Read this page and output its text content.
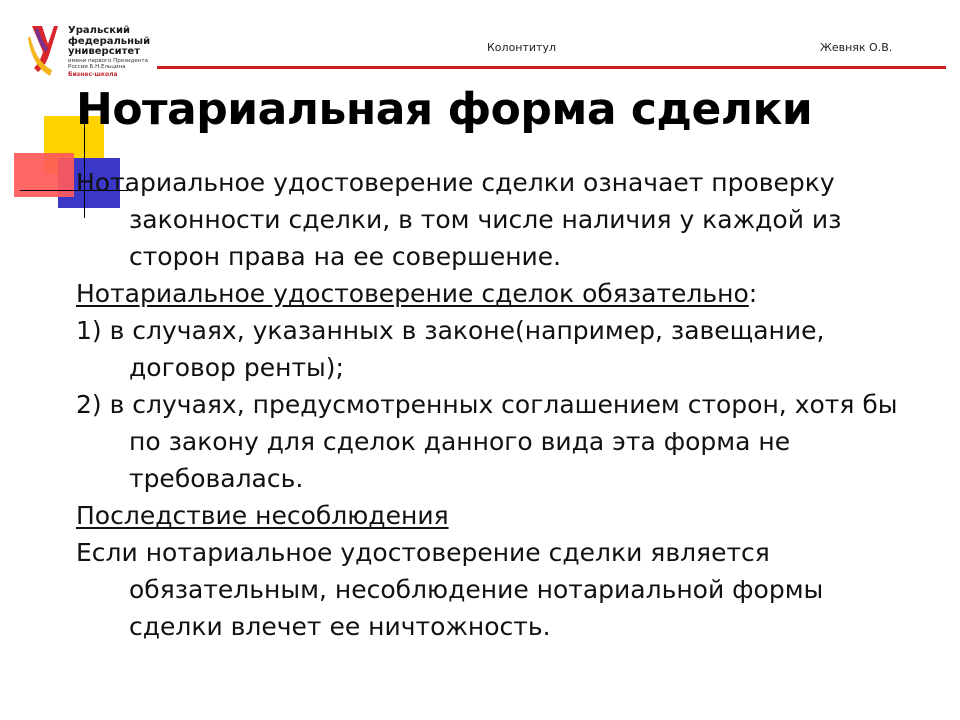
Уральский
федеральный
университет
имени первого Президента
России Б.Н.Ельцина
Бизнес-школа
Колонтитул	Жевняк О.В.
Нотариальная форма сделки

Нотариальное удостоверение сделки означает проверку законности сделки, в том числе наличия у каждой из сторон права на ее совершение.

Нотариальное удостоверение сделок обязательно:

1) в случаях, указанных в законе(например, завещание, договор ренты);

2) в случаях, предусмотренных соглашением сторон, хотя бы по закону для сделок данного вида эта форма не требовалась.

Последствие несоблюдения

Если нотариальное удостоверение сделки является обязательным, несоблюдение нотариальной формы сделки влечет ее ничтожность.
